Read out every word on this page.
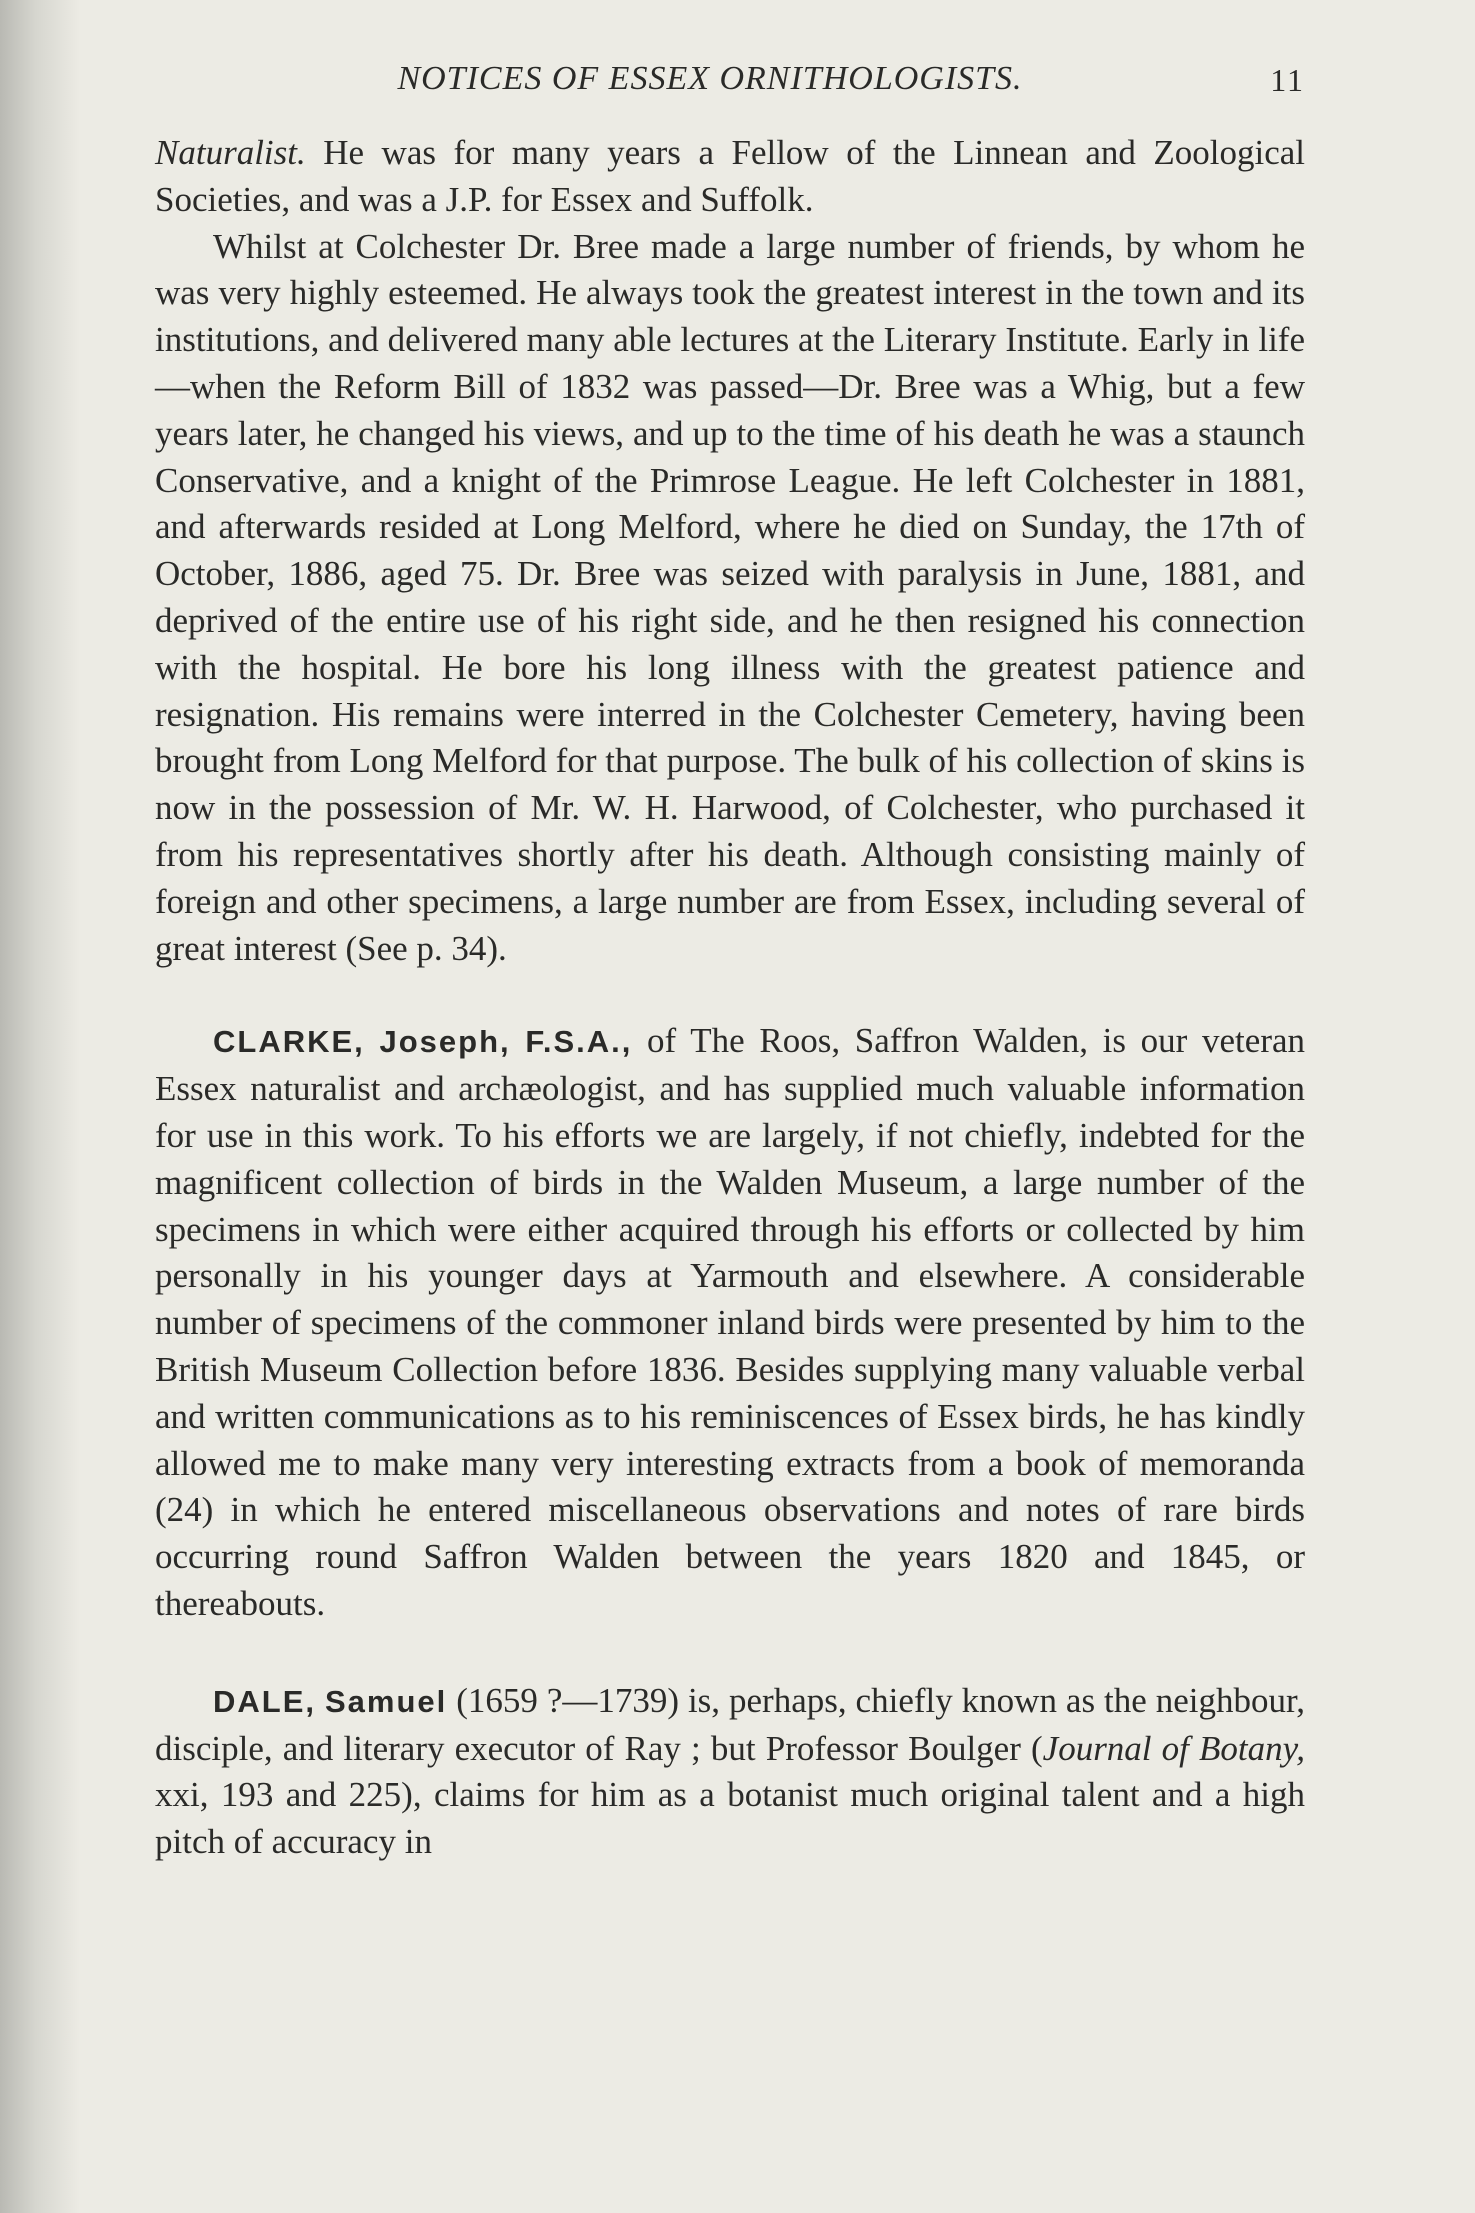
NOTICES OF ESSEX ORNITHOLOGISTS.	11

Naturalist. He was for many years a Fellow of the Linnean and Zoological Societies, and was a J.P. for Essex and Suffolk.

Whilst at Colchester Dr. Bree made a large number of friends, by whom he was very highly esteemed. He always took the greatest interest in the town and its institutions, and delivered many able lectures at the Literary Institute. Early in life—when the Reform Bill of 1832 was passed—Dr. Bree was a Whig, but a few years later, he changed his views, and up to the time of his death he was a staunch Conservative, and a knight of the Primrose League. He left Colchester in 1881, and afterwards resided at Long Melford, where he died on Sunday, the 17th of October, 1886, aged 75. Dr. Bree was seized with paralysis in June, 1881, and deprived of the entire use of his right side, and he then resigned his connection with the hospital. He bore his long illness with the greatest patience and resignation. His remains were interred in the Colchester Cemetery, having been brought from Long Melford for that purpose. The bulk of his collection of skins is now in the possession of Mr. W. H. Harwood, of Colchester, who purchased it from his representatives shortly after his death. Although consisting mainly of foreign and other specimens, a large number are from Essex, including several of great interest (See p. 34).

CLARKE, Joseph, F.S.A., of The Roos, Saffron Walden, is our veteran Essex naturalist and archæologist, and has supplied much valuable information for use in this work. To his efforts we are largely, if not chiefly, indebted for the magnificent collection of birds in the Walden Museum, a large number of the specimens in which were either acquired through his efforts or collected by him personally in his younger days at Yarmouth and elsewhere. A considerable number of specimens of the commoner inland birds were presented by him to the British Museum Collection before 1836. Besides supplying many valuable verbal and written communications as to his reminiscences of Essex birds, he has kindly allowed me to make many very interesting extracts from a book of memoranda (24) in which he entered miscellaneous observations and notes of rare birds occurring round Saffron Walden between the years 1820 and 1845, or thereabouts.

DALE, Samuel (1659 ?—1739) is, perhaps, chiefly known as the neighbour, disciple, and literary executor of Ray ; but Professor Boulger (Journal of Botany, xxi, 193 and 225), claims for him as a botanist much original talent and a high pitch of accuracy in
